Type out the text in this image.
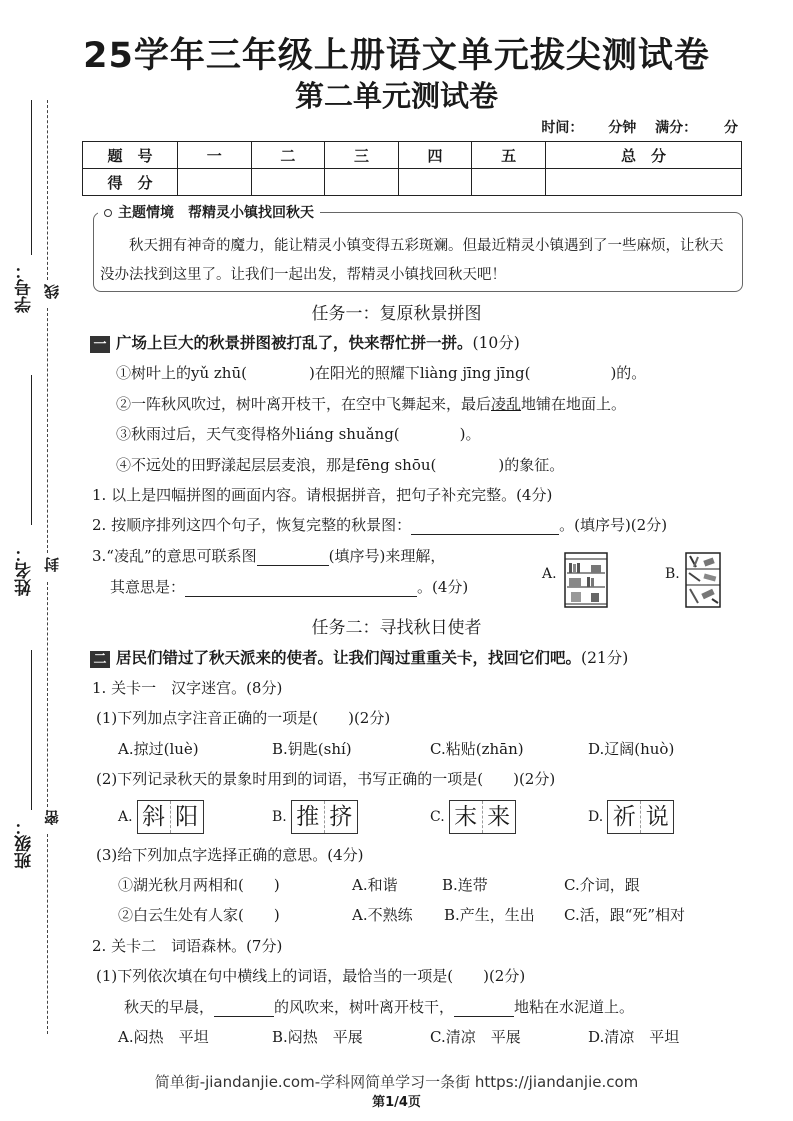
25学年三年级上册语文单元拔尖测试卷
第二单元测试卷
时间： 分钟 满分： 分
题　号	一	二	三	四	五	总　分
得　分						
学号：
姓名：
班级：
线
封
密
主题情境　帮精灵小镇找回秋天
秋天拥有神奇的魔力，能让精灵小镇变得五彩斑斓。但最近精灵小镇遇到了一些麻烦，让秋天没办法找到这里了。让我们一起出发，帮精灵小镇找回秋天吧！
任务一：复原秋景拼图
一 广场上巨大的秋景拼图被打乱了，快来帮忙拼一拼。(10分)
①树叶上的yǔ zhū(	)在阳光的照耀下liàng jīng jīng(	)的。
②一阵秋风吹过，树叶离开枝干，在空中飞舞起来，最后凌乱地铺在地面上。
③秋雨过后，天气变得格外liáng shuǎng(	)。
④不远处的田野漾起层层麦浪，那是fēng shōu(	)的象征。
1. 以上是四幅拼图的画面内容。请根据拼音，把句子补充完整。(4分)
2. 按顺序排列这四个句子，恢复完整的秋景图：	。(填序号)(2分)
3.“凌乱”的意思可联系图	(填序号)来理解，
其意思是：	。(4分)
A.	B.
任务二：寻找秋日使者
二 居民们错过了秋天派来的使者。让我们闯过重重关卡，找回它们吧。(21分)
1. 关卡一　汉字迷宫。(8分)
(1)下列加点字注音正确的一项是(　　)(2分)
A.掠过(luè)	B.钥匙(shí)	C.粘贴(zhān)	D.辽阔(huò)
(2)下列记录秋天的景象时用到的词语，书写正确的一项是(　　)(2分)
A. 斜 阳	B. 推 挤	C. 末 来	D. 祈 说
(3)给下列加点字选择正确的意思。(4分)
①湖光秋月两相和(　　)	A.和谐	B.连带	C.介词，跟
②白云生处有人家(　　)	A.不熟练 B.产生，生出 C.活，跟“死”相对
2. 关卡二　词语森林。(7分)
(1)下列依次填在句中横线上的词语，最恰当的一项是(　　)(2分)
秋天的早晨，	的风吹来，树叶离开枝干，	地粘在水泥道上。
A.闷热　平坦	B.闷热　平展	C.清凉　平展	D.清凉　平坦
简单街-jiandanjie.com-学科网简单学习一条街 https://jiandanjie.com
第1/4页
